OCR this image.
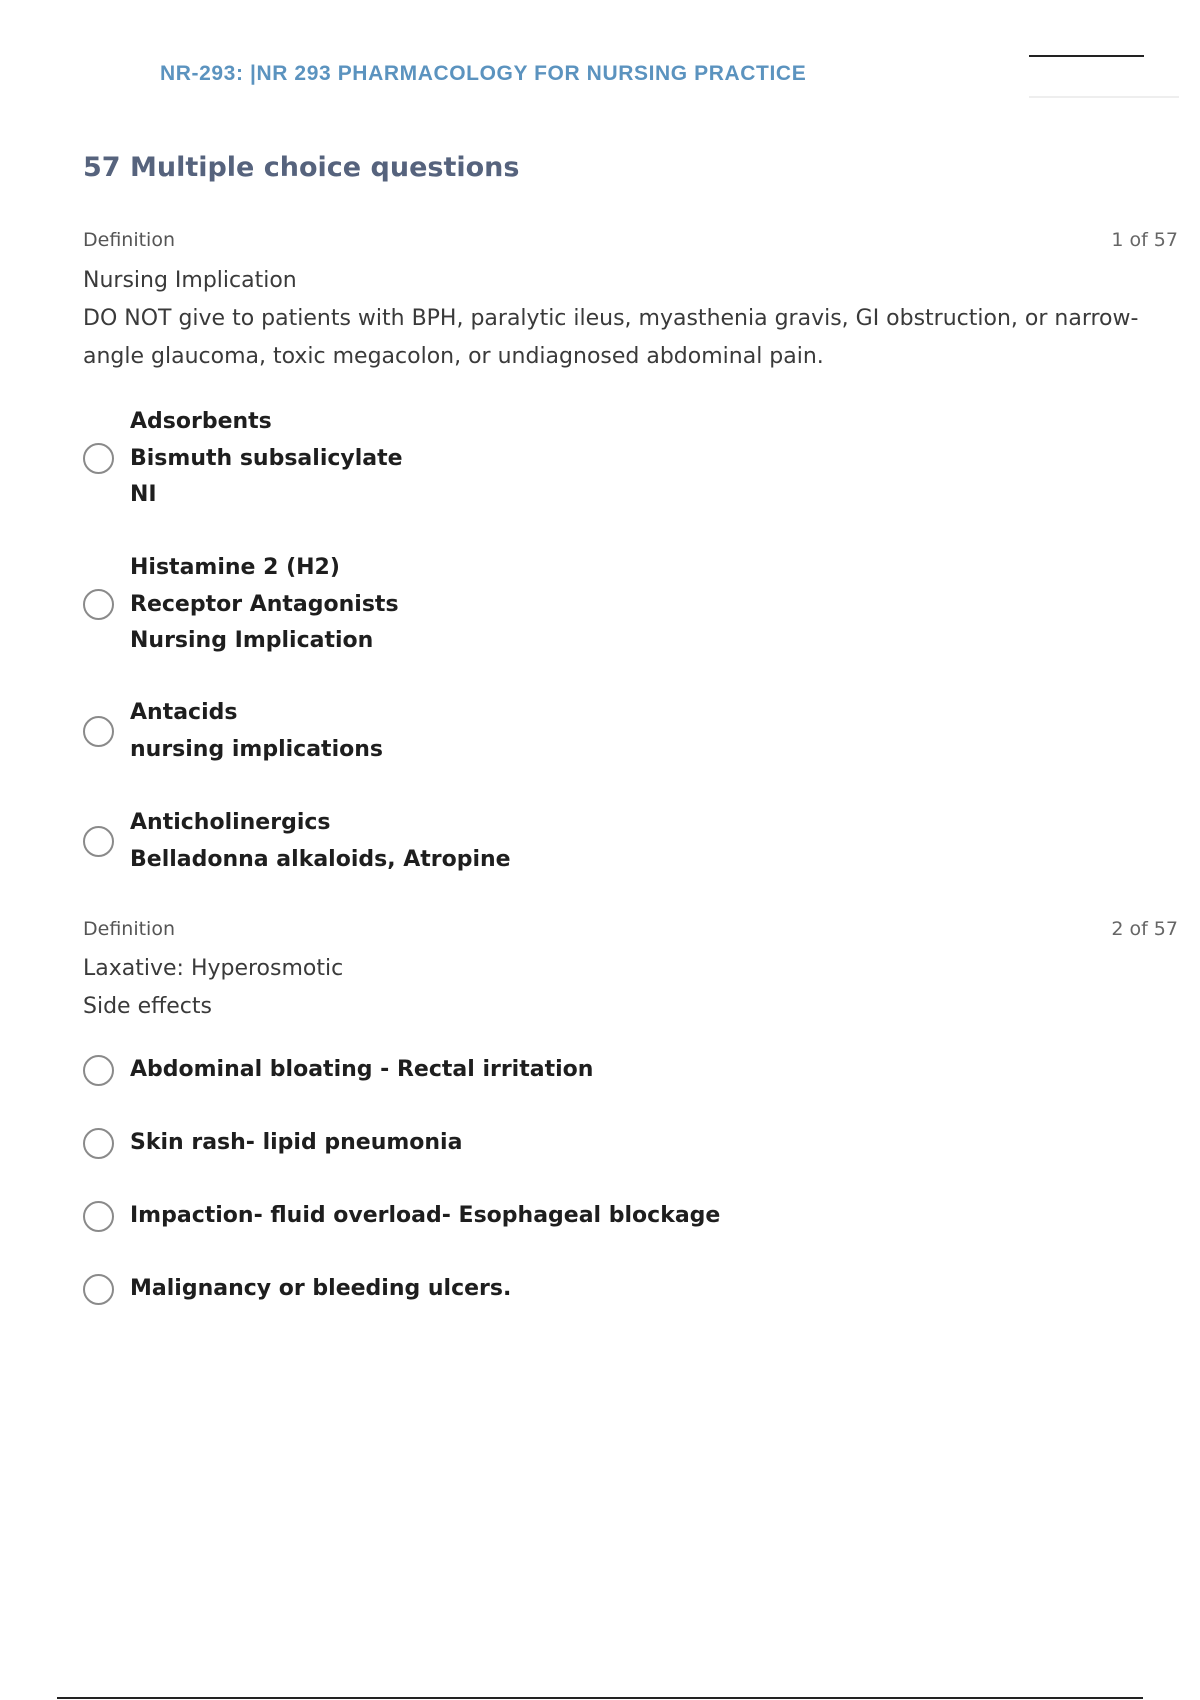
NR-293: |NR 293 PHARMACOLOGY FOR NURSING PRACTICE
57 Multiple choice questions
Definition	1 of 57
Nursing Implication
DO NOT give to patients with BPH, paralytic ileus, myasthenia gravis, GI obstruction, or narrow-
angle glaucoma, toxic megacolon, or undiagnosed abdominal pain.
Adsorbents
Bismuth subsalicylate
NI
Histamine 2 (H2)
Receptor Antagonists
Nursing Implication
Antacids
nursing implications
Anticholinergics
Belladonna alkaloids, Atropine
Definition	2 of 57
Laxative: Hyperosmotic
Side effects
Abdominal bloating - Rectal irritation
Skin rash- lipid pneumonia
Impaction- fluid overload- Esophageal blockage
Malignancy or bleeding ulcers.
